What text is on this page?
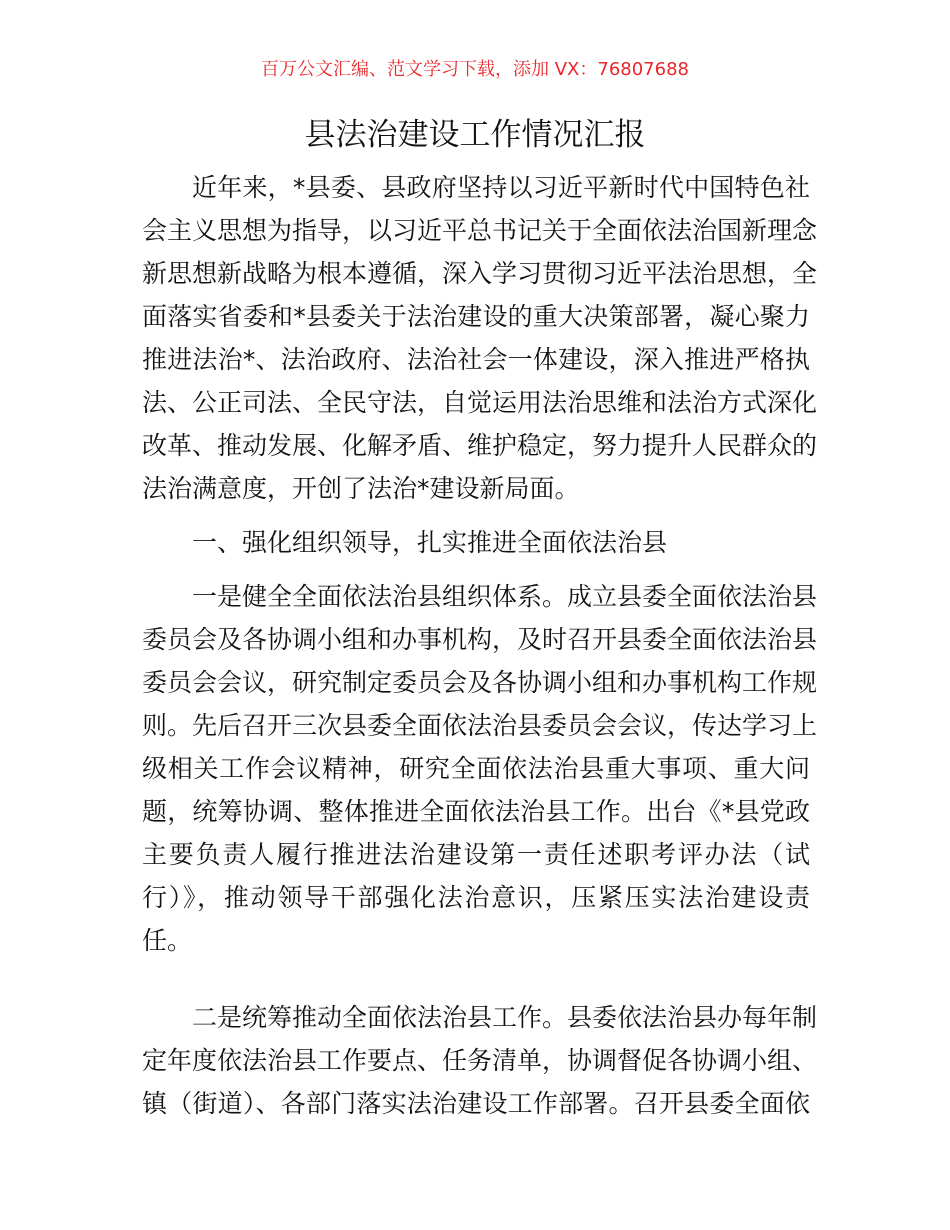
百万公文汇编、范文学习下载，添加 VX：76807688
县法治建设工作情况汇报
近年来，*县委、县政府坚持以习近平新时代中国特色社
会主义思想为指导，以习近平总书记关于全面依法治国新理念
新思想新战略为根本遵循，深入学习贯彻习近平法治思想，全
面落实省委和*县委关于法治建设的重大决策部署，凝心聚力
推进法治*、法治政府、法治社会一体建设，深入推进严格执
法、公正司法、全民守法，自觉运用法治思维和法治方式深化
改革、推动发展、化解矛盾、维护稳定，努力提升人民群众的
法治满意度，开创了法治*建设新局面。
一、强化组织领导，扎实推进全面依法治县
一是健全全面依法治县组织体系。成立县委全面依法治县
委员会及各协调小组和办事机构，及时召开县委全面依法治县
委员会会议，研究制定委员会及各协调小组和办事机构工作规
则。先后召开三次县委全面依法治县委员会会议，传达学习上
级相关工作会议精神，研究全面依法治县重大事项、重大问
题，统筹协调、整体推进全面依法治县工作。出台《*县党政
主要负责人履行推进法治建设第一责任述职考评办法（试
行）》，推动领导干部强化法治意识，压紧压实法治建设责
任。
二是统筹推动全面依法治县工作。县委依法治县办每年制
定年度依法治县工作要点、任务清单，协调督促各协调小组、
镇（街道）、各部门落实法治建设工作部署。召开县委全面依
